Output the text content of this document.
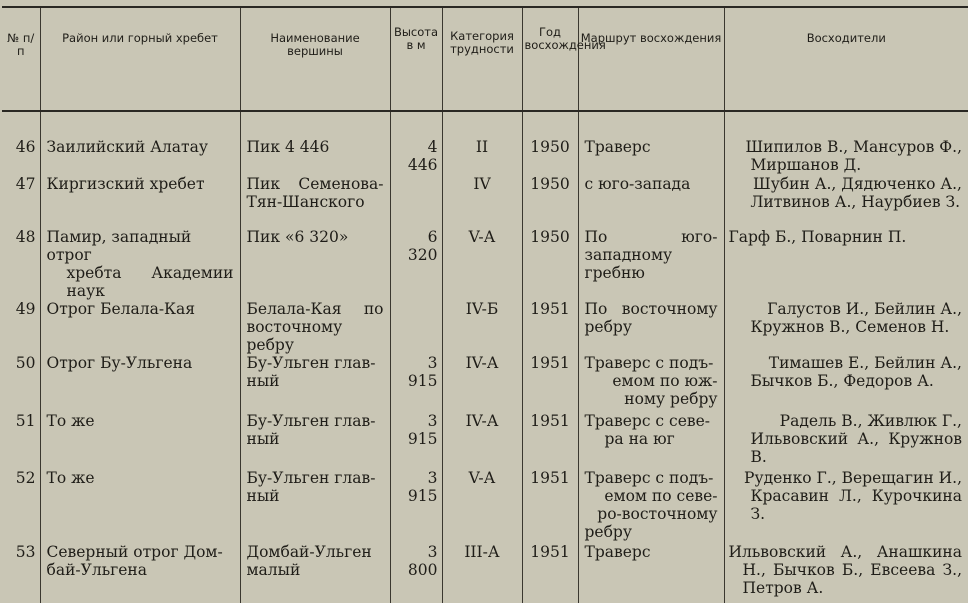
№ п/п	Район или горный хребет	Наименование вершины	Высота в м	Категория трудности	Год восхождения	Маршрут восхождения	Восходители
46	Заилийский Алатау	Пик 4 446	4 446	II	1950	Траверс	Шипилов В., Мансуров Ф.,
Миршанов Д.

47	Киргизский хребет	Пик Семенова-
Тян-Шанского		IV	1950	с юго-запада	Шубин А., Дядюченко А.,
Литвинов А., Наурбиев З.

48	Памир, западный отрог
хребта Академии
наук	Пик «6 320»	6 320	V-А	1950	По юго-западному гребню	Гарф Б., Поварнин П.
49	Отрог Белала-Кая	Белала-Кая по
восточному
ребру		IV-Б	1951	По восточному
ребру	Галустов И., Бейлин А.,
Кружнов В., Семенов Н.

50	Отрог Бу-Ульгена	Бу-Ульген глав-
ный	3 915	IV-А	1951	Траверс с подъ-
емом по юж-
ному ребру	Тимашев Е., Бейлин А.,
Бычков Б., Федоров А.

51	То же	Бу-Ульген глав-
ный	3 915	IV-А	1951	Траверс с севе-
ра на юг	Радель В., Живлюк Г.,
Ильвовский А., Кружнов В.

52	То же	Бу-Ульген глав-
ный	3 915	V-А	1951	Траверс с подъ-
емом по севе-
ро-восточному
ребру	Руденко Г., Верещагин И.,
Красавин Л., Курочкина З.

53	Северный отрог Дом-
бай-Ульгена	Домбай-Ульген
малый	3 800	III-А	1951	Траверс	Ильвовский А., Анашкина Н., Бычков Б., Евсеева З., Петров А.
